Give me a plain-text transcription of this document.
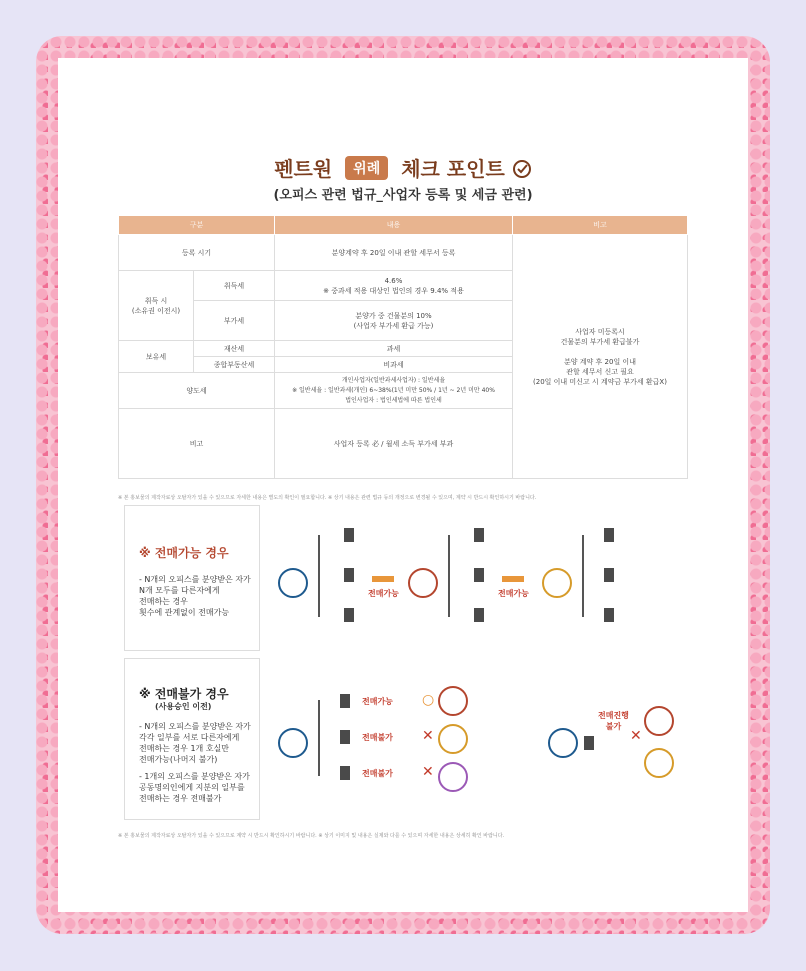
펜트원 위례 체크 포인트
(오피스 관련 법규_사업자 등록 및 세금 관련)
구분		내용	비고
등록 시기		분양계약 후 20일 이내 관할 세무서 등록	사업자 미등록시
건물분의 부가세 환급불가

분양 계약 후 20일 이내
관할 세무서 신고 필요
(20일 이내 미신고 시 계약금 부가세 환급X)
취득 시
(소유권 이전시)	취득세	4.6%
※ 중과세 적용 대상인 법인의 경우 9.4% 적용	
	부가세	분양가 중 건물분의 10%
(사업자 부가세 환급 가능)	
보유세	재산세	과세	
	종합부동산세	비과세	
양도세		개인사업자(일반과세사업자) : 일반세율
※ 일반세율 : 일반과세(개인) 6~38%(1년 미만 50% / 1년 ~ 2년 미만 40%
법인사업자 : 법인세법에 따른 법인세	
비고		사업자 등록 必 / 월세 소득 부가세 부과	
※ 본 홍보물의 제작자료상 오탈자가 있을 수 있으므로 자세한 내용은 별도의 확인이 필요합니다. ※ 상기 내용은 관련 법규 등의 개정으로 변경될 수 있으며, 계약 시 반드시 확인하시기 바랍니다.
※ 전매가능 경우
- N개의 오피스를 분양받은 자가
N개 모두를 다른자에게
전매하는 경우
횟수에 관계없이 전매가능
전매가능	전매가능
※ 전매불가 경우
(사용승인 이전)
- N개의 오피스를 분양받은 자가
각각 일부를 서로 다른자에게
전매하는 경우 1개 호실만
전매가능(나머지 불가)
- 1개의 오피스를 분양받은 자가
공동명의인에게 지분의 일부를
전매하는 경우 전매불가
전매가능
전매불가
전매불가
○
✕
✕
전매진행
불가
✕
※ 본 홍보물의 제작자료상 오탈자가 있을 수 있으므로 계약 시 반드시 확인하시기 바랍니다. ※ 상기 이미지 및 내용은 실제와 다를 수 있으며 자세한 내용은 상세히 확인 바랍니다.
